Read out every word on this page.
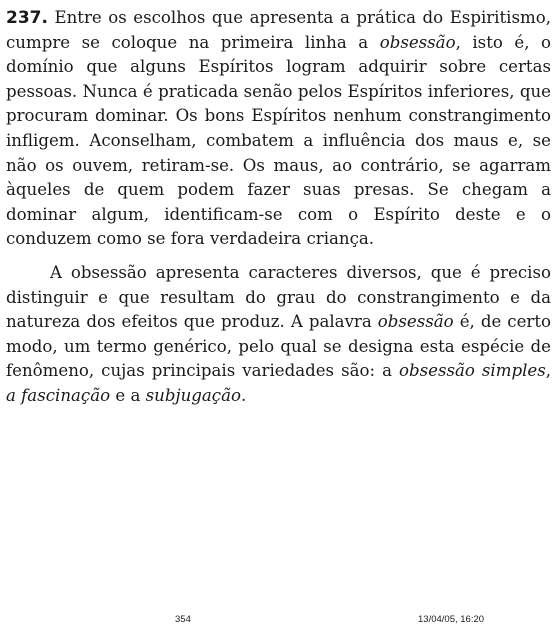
237. Entre os escolhos que apresenta a prática do Espiritismo, cumpre se coloque na primeira linha a obsessão, isto é, o domínio que alguns Espíritos logram adquirir sobre certas pessoas. Nunca é praticada senão pelos Espíritos inferiores, que procuram dominar. Os bons Espíritos nenhum constrangimento infligem. Aconselham, combatem a influência dos maus e, se não os ouvem, retiram-se. Os maus, ao contrário, se agarram àqueles de quem podem fazer suas presas. Se chegam a dominar algum, identificam-se com o Espírito deste e o conduzem como se fora verdadeira criança.

A obsessão apresenta caracteres diversos, que é preciso distinguir e que resultam do grau do constrangimento e da natureza dos efeitos que produz. A palavra obsessão é, de certo modo, um termo genérico, pelo qual se designa esta espécie de fenômeno, cujas principais variedades são: a obsessão simples, a fascinação e a subjugação.

354	13/04/05, 16:20
